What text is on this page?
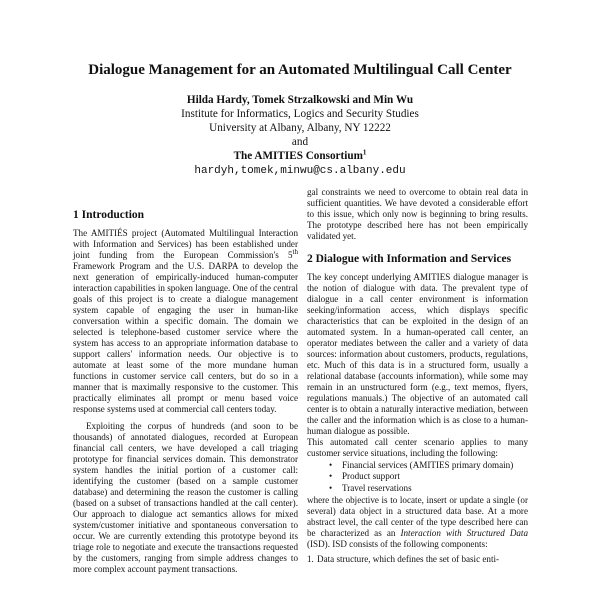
Dialogue Management for an Automated Multilingual Call Center
Hilda Hardy, Tomek Strzalkowski and Min Wu
Institute for Informatics, Logics and Security Studies
University at Albany, Albany, NY 12222
and
The AMITIES Consortium$^1$
hardyh,tomek,minwu@cs.albany.edu
1 Introduction

The AMITIÉS project (Automated Multilingual Interaction with Information and Services) has been established under joint funding from the European Commission's 5th Framework Program and the U.S. DARPA to develop the next generation of empirically-induced human-computer interaction capabilities in spoken language. One of the central goals of this project is to create a dialogue management system capable of engaging the user in human-like conversation within a specific domain. The domain we selected is telephone-based customer service where the system has access to an appropriate information database to support callers' information needs. Our objective is to automate at least some of the more mundane human functions in customer service call centers, but do so in a manner that is maximally responsive to the customer. This practically eliminates all prompt or menu based voice response systems used at commercial call centers today.

Exploiting the corpus of hundreds (and soon to be thousands) of annotated dialogues, recorded at European financial call centers, we have developed a call triaging prototype for financial services domain. This demonstrator system handles the initial portion of a customer call: identifying the customer (based on a sample customer database) and determining the reason the customer is calling (based on a subset of transactions handled at the call center). Our approach to dialogue act semantics allows for mixed system/customer initiative and spontaneous conversation to occur. We are currently extending this prototype beyond its triage role to negotiate and execute the transactions requested by the customers, ranging from simple address changes to more complex account payment transactions.

gal constraints we need to overcome to obtain real data in sufficient quantities. We have devoted a considerable effort to this issue, which only now is beginning to bring results. The prototype described here has not been empirically validated yet.

2 Dialogue with Information and Services

The key concept underlying AMITIES dialogue manager is the notion of dialogue with data. The prevalent type of dialogue in a call center environment is information seeking/information access, which displays specific characteristics that can be exploited in the design of an automated system. In a human-operated call center, an operator mediates between the caller and a variety of data sources: information about customers, products, regulations, etc. Much of this data is in a structured form, usually a relational database (accounts information), while some may remain in an unstructured form (e.g., text memos, flyers, regulations manuals.) The objective of an automated call center is to obtain a naturally interactive mediation, between the caller and the information which is as close to a human-human dialogue as possible.

This automated call center scenario applies to many customer service situations, including the following:

• Financial services (AMITIES primary domain)
• Product support
• Travel reservations

where the objective is to locate, insert or update a single (or several) data object in a structured data base. At a more abstract level, the call center of the type described here can be characterized as an Interaction with Structured Data (ISD). ISD consists of the following components:

1. Data structure, which defines the set of basic enti-
